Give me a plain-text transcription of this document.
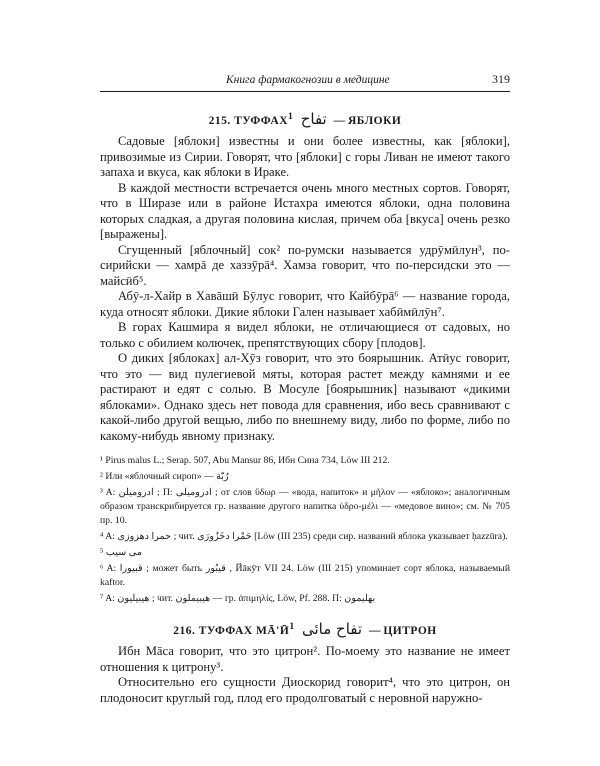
Книга фармакогнозии в медицине	319
215. ТУФФАХ$^1$ تفاح — ЯБЛОКИ

Садовые [яблоки] известны и они более известны, как [яблоки], привозимые из Сирии. Говорят, что [яблоки] с горы Ливан не имеют такого запаха и вкуса, как яблоки в Ираке.

В каждой местности встречается очень много местных сортов. Говорят, что в Ширазе или в районе Истахра имеются яблоки, одна половина которых сладкая, а другая половина кислая, причем оба [вкуса] очень резко [выражены].

Сгущенный [яблочный] сок² по-румски называется удрӯмӣлун³, по-сирийски — хамрā де хаззӯрā⁴. Хамза говорит, что по-персидски это — майсӣб⁵.

Абӯ-л-Хайр в Хавāшӣ Бӯлус говорит, что Кайбӯрā⁶ — название города, куда относят яблоки. Дикие яблоки Гален называет хабӣмӣлӯн⁷.

В горах Кашмира я видел яблоки, не отличающиеся от садовых, но только с обилием колючек, препятствующих сбору [плодов].

О диких [яблоках] ал-Хӯз говорит, что это боярышник. Атӣус говорит, что это — вид пулегиевой мяты, которая растет между камнями и ее растирают и едят с солью. В Мосуле [боярышник] называют «дикими яблоками». Однако здесь нет повода для сравнения, ибо весь сравнивают с какой-либо другой вещью, либо по внешнему виду, либо по форме, либо по какому-нибудь явному признаку.

¹ Pirus malus L.; Serap. 507, Abu Mansur 86, Ибн Сина 734, Löw III 212.

² Или «яблочный сироп» — رُبّة

³ A: ادرومیلن ; П: ادرومیلی ; от слов ὕδωρ — «вода, напиток» и μῆλον — «яблоко»; аналогичным образом транскрибируется гр. название другого напитка ὑδρο-μέλι — «медовое вино»; см. № 705 пр. 10.

⁴ A: حمرا دهزوزی ; чит. حَمْرا دخَزُورَی [Löw (III 235) среди сир. названий яблока указывает ḥazzūra).

⁵ می سیب

⁶ A: قبیورا ; может быть قیبُور , Йāкӯт VII 24. Löw (III 215) упоминает сорт яблока, называемый kaftor.

⁷ A: هیبیلیون ; чит. هیبیملون — гр. ἀπιμηλίς, Löw, Pf. 288. П: بهلیمون

216. ТУФФАХ $МĀ'Ӣ^1$ تفاح مائی — ЦИТРОН

Ибн Мāса говорит, что это цитрон². По-моему это название не имеет отношения к цитрону³.

Относительно его сущности Диоскорид говорит⁴, что это цитрон, он плодоносит круглый год, плод его продолговатый с неровной наружно-
